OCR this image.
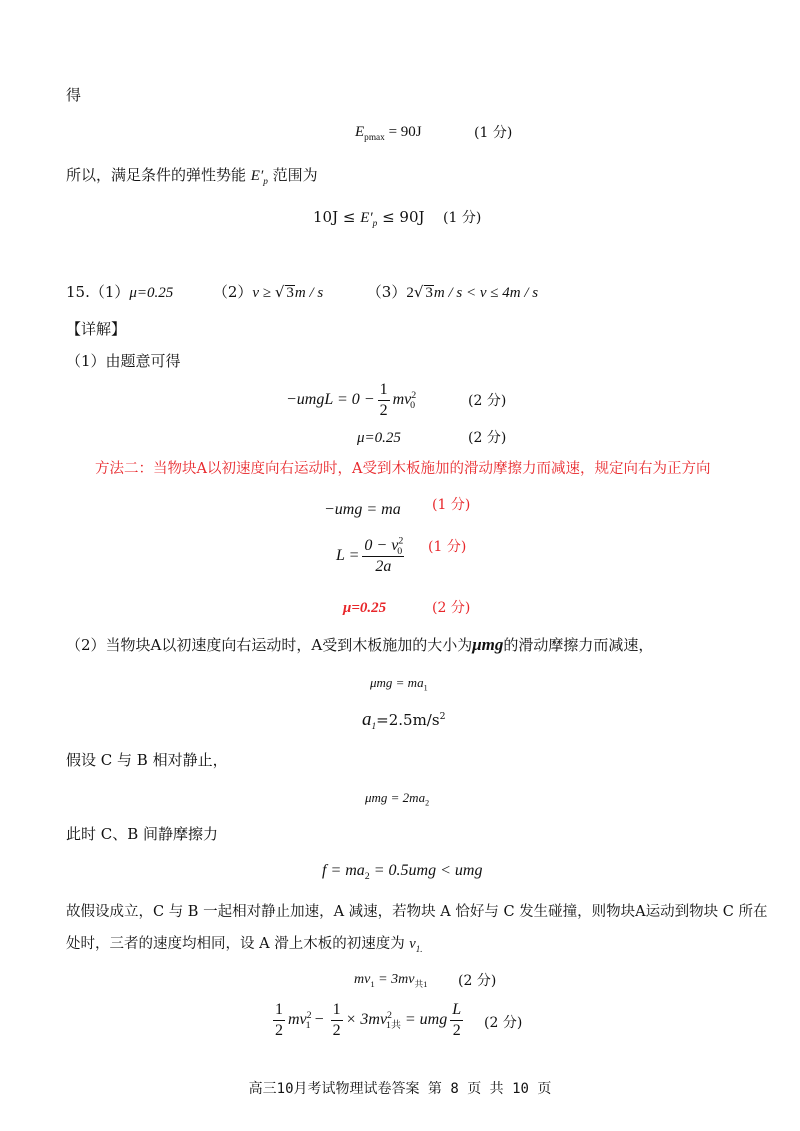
得
$E_{pmax} = 90J$	(1 分)
所以，满足条件的弹性势能 $E'_p$ 范围为
$10J \le E'_p \le 90J$ (1 分)
15.（1）μ=0.25	（2）v ≥ √ 3m / s	（3）2√ 3m / s < v ≤ 4m / s
【详解】
（1）由题意可得
−umgL = $0 - \frac{1}{2} mv^2_0$	(2 分)
μ=0.25	(2 分)
方法二：当物块A以初速度向右运动时，A受到木板施加的滑动摩擦力而减速，规定向右为正方向
−umg = ma (1 分)
$L = \frac{0 - v^2_0}{2a} (1$ 分)
μ=0.25	(2 分)
（2）当物块A以初速度向右运动时，A受到木板施加的大小为μmg的滑动摩擦力而减速，
$\mu mg = ma_1$
$a_1=2.5m/s^2$
假设 C 与 B 相对静止，
$\mu mg = 2ma_2$
此时 C、B 间静摩擦力
$f = ma_2 = 0.5umg$ < umg
故假设成立，C 与 B 一起相对静止加速，A 减速，若物块 A 恰好与 C 发生碰撞，则物块A运动到物块 C 所在
处时，三者的速度均相同，设 A 滑上木板的初速度为 $v_{1.}$
$mv_1 = 3mv_{共1}$ (2 分)
$\frac{1}{2} mv^2_1 - \frac{1}{2} \times 3mv^2_{1共}$ = umg $\frac{L}{2} (2$ 分)
高三10月考试物理试卷答案 第 8 页 共 10 页
